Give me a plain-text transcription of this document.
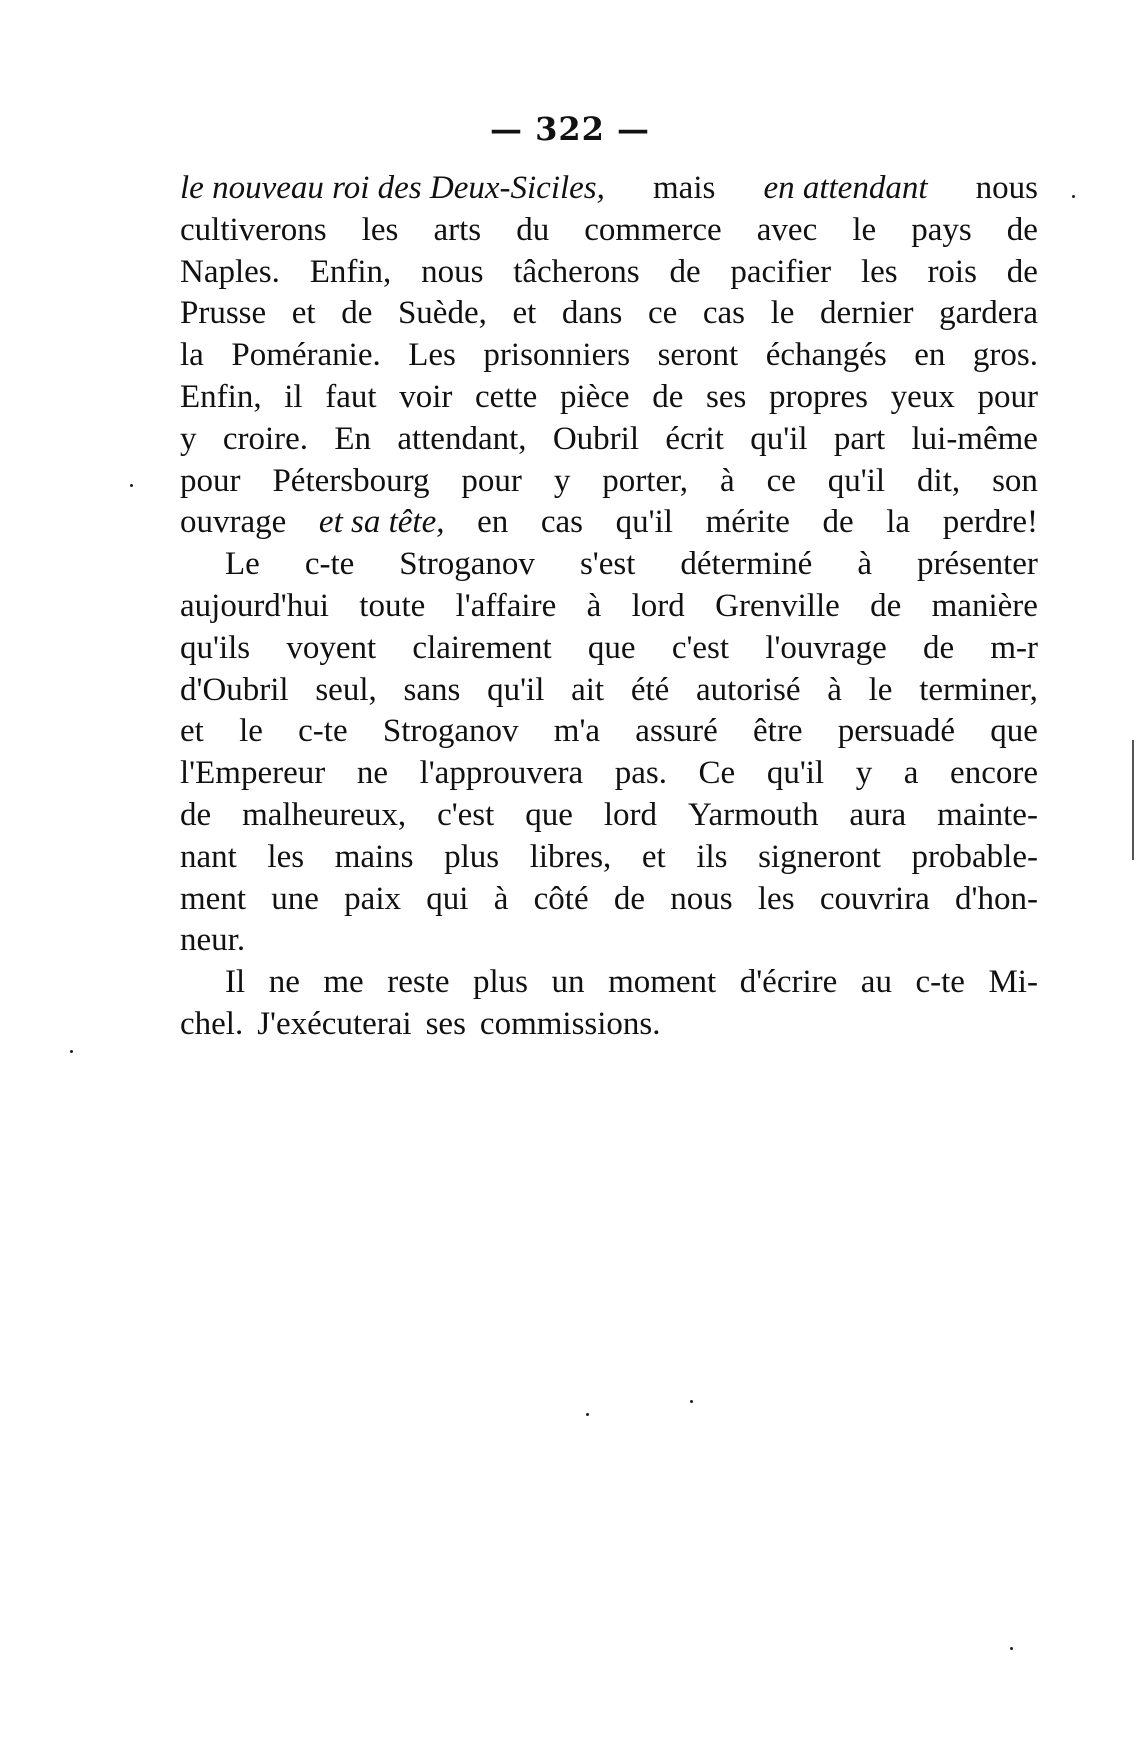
— 322 —
le nouveau roi des Deux-Siciles, mais en attendant nous
cultiverons les arts du commerce avec le pays de
Naples. Enfin, nous tâcherons de pacifier les rois de
Prusse et de Suède, et dans ce cas le dernier gardera
la Poméranie. Les prisonniers seront échangés en gros.
Enfin, il faut voir cette pièce de ses propres yeux pour
y croire. En attendant, Oubril écrit qu'il part lui-même
pour Pétersbourg pour y porter, à ce qu'il dit, son
ouvrage et sa tête, en cas qu'il mérite de la perdre!
Le c-te Stroganov s'est déterminé à présenter
aujourd'hui toute l'affaire à lord Grenville de manière
qu'ils voyent clairement que c'est l'ouvrage de m-r
d'Oubril seul, sans qu'il ait été autorisé à le terminer,
et le c-te Stroganov m'a assuré être persuadé que
l'Empereur ne l'approuvera pas. Ce qu'il y a encore
de malheureux, c'est que lord Yarmouth aura mainte-
nant les mains plus libres, et ils signeront probable-
ment une paix qui à côté de nous les couvrira d'hon-
neur.
Il ne me reste plus un moment d'écrire au c-te Mi-
chel. J'exécuterai ses commissions.
